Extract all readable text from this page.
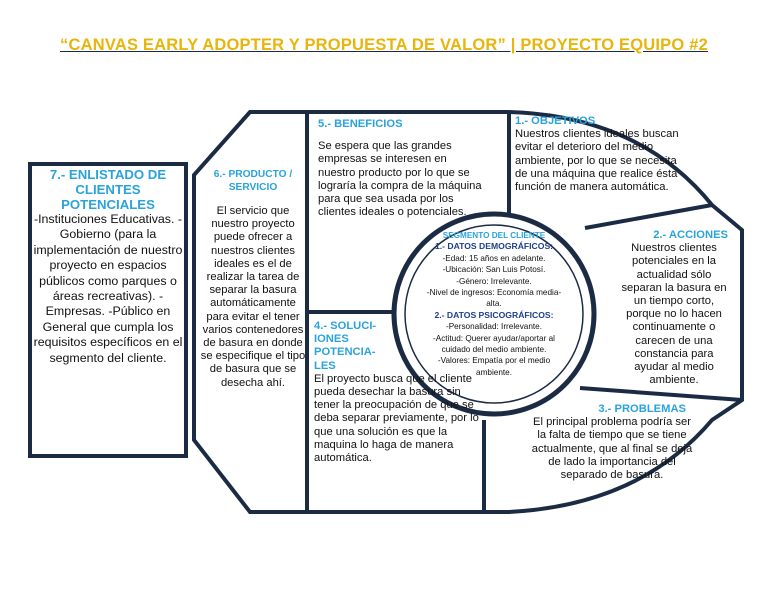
“CANVAS EARLY ADOPTER Y PROPUESTA DE VALOR” | PROYECTO EQUIPO #2
7.- ENLISTADO DE CLIENTES POTENCIALES
-Instituciones Educativas. -Gobierno (para la implementación de nuestro proyecto en espacios públicos como parques o áreas recreativas). -Empresas. -Público en General que cumpla los requisitos específicos en el segmento del cliente.
6.- PRODUCTO / SERVICIO
El servicio que nuestro proyecto puede ofrecer a nuestros clientes ideales es el de realizar la tarea de separar la basura automáticamente para evitar el tener varios contenedores de basura en donde se especifique el tipo de basura que se desecha ahí.
5.- BENEFICIOS
Se espera que las grandes empresas se interesen en nuestro producto por lo que se lograría la compra de la máquina para que sea usada por los clientes ideales o potenciales.
1.- OBJETIVOS
Nuestros clientes ideales buscan evitar el deterioro del medio ambiente, por lo que se necesita de una máquina que realice ésta función de manera automática.
2.- ACCIONES
Nuestros clientes potenciales en la actualidad sólo separan la basura en un tiempo corto, porque no lo hacen continuamente o carecen de una constancia para ayudar al medio ambiente.
3.- PROBLEMAS
El principal problema podría ser la falta de tiempo que se tiene actualmente, que al final se deja de lado la importancia del separado de basura.
4.- SOLUCI-IONES POTENCIA-LES
El proyecto busca que el cliente pueda desechar la basura sin tener la preocupación de que se deba separar previamente, por lo que una solución es que la maquina lo haga de manera automática.
SEGMENTO DEL CLIENTE
1.- DATOS DEMOGRÁFICOS:
-Edad: 15 años en adelante.
-Ubicación: San Luis Potosí.
-Género: Irrelevante.
-Nivel de ingresos: Economía media-alta.
2.- DATOS PSICOGRÁFICOS:
-Personalidad: Irrelevante.
-Actitud: Querer ayudar/aportar al cuidado del medio ambiente.
-Valores: Empatía por el medio ambiente.
